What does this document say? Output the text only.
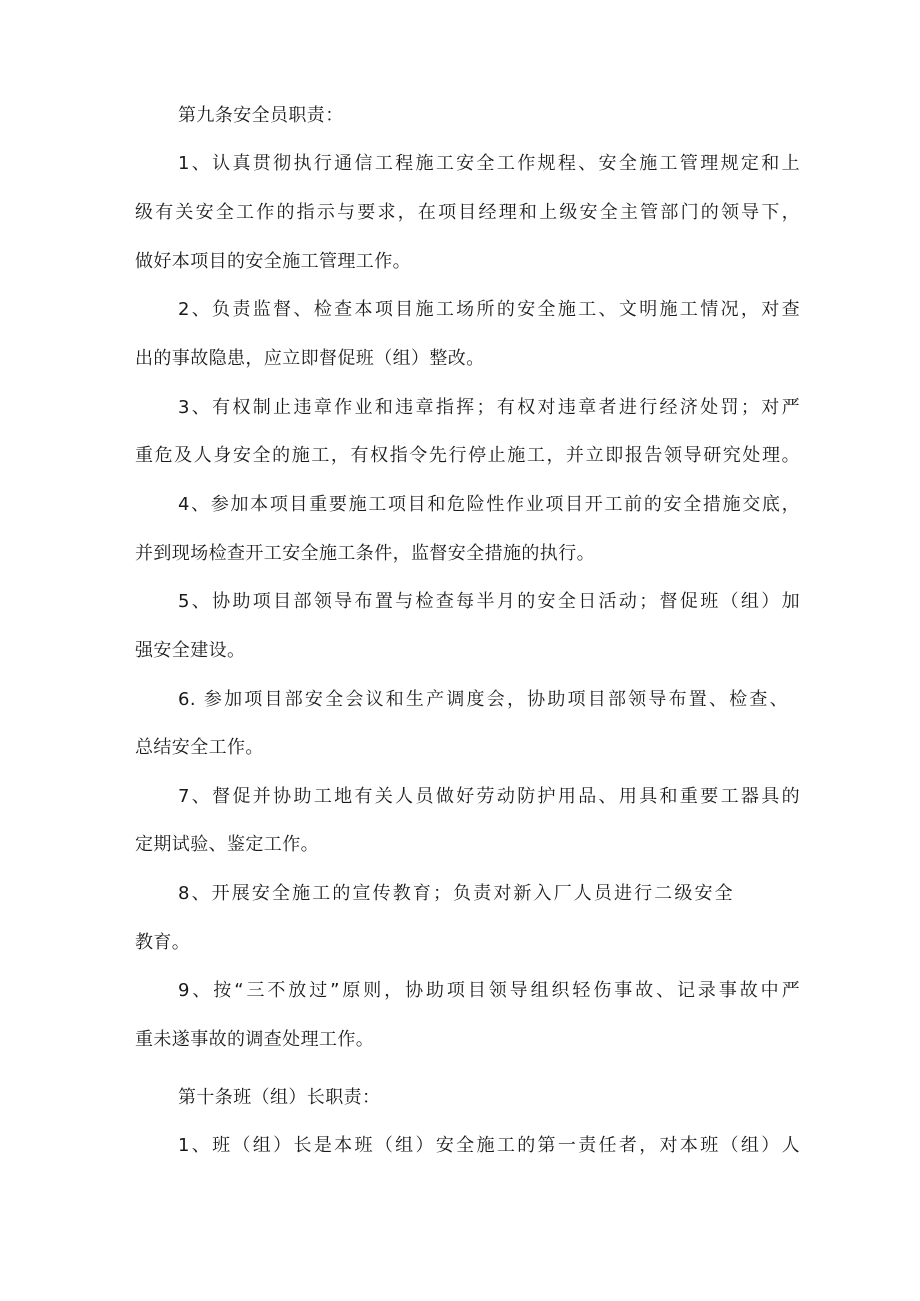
第九条安全员职责：
1、认真贯彻执行通信工程施工安全工作规程、安全施工管理规定和上
级有关安全工作的指示与要求，在项目经理和上级安全主管部门的领导下，
做好本项目的安全施工管理工作。
2、负责监督、检查本项目施工场所的安全施工、文明施工情况，对查
出的事故隐患，应立即督促班（组）整改。
3、有权制止违章作业和违章指挥；有权对违章者进行经济处罚；对严
重危及人身安全的施工，有权指令先行停止施工，并立即报告领导研究处理。
4、参加本项目重要施工项目和危险性作业项目开工前的安全措施交底，
并到现场检查开工安全施工条件，监督安全措施的执行。
5、协助项目部领导布置与检查每半月的安全日活动；督促班（组）加
强安全建设。
6. 参加项目部安全会议和生产调度会，协助项目部领导布置、检查、
总结安全工作。
7、督促并协助工地有关人员做好劳动防护用品、用具和重要工器具的
定期试验、鉴定工作。
8、开展安全施工的宣传教育；负责对新入厂人员进行二级安全
教育。
9、按“三不放过”原则，协助项目领导组织轻伤事故、记录事故中严
重未遂事故的调查处理工作。
第十条班（组）长职责：
1、班（组）长是本班（组）安全施工的第一责任者，对本班（组）人
